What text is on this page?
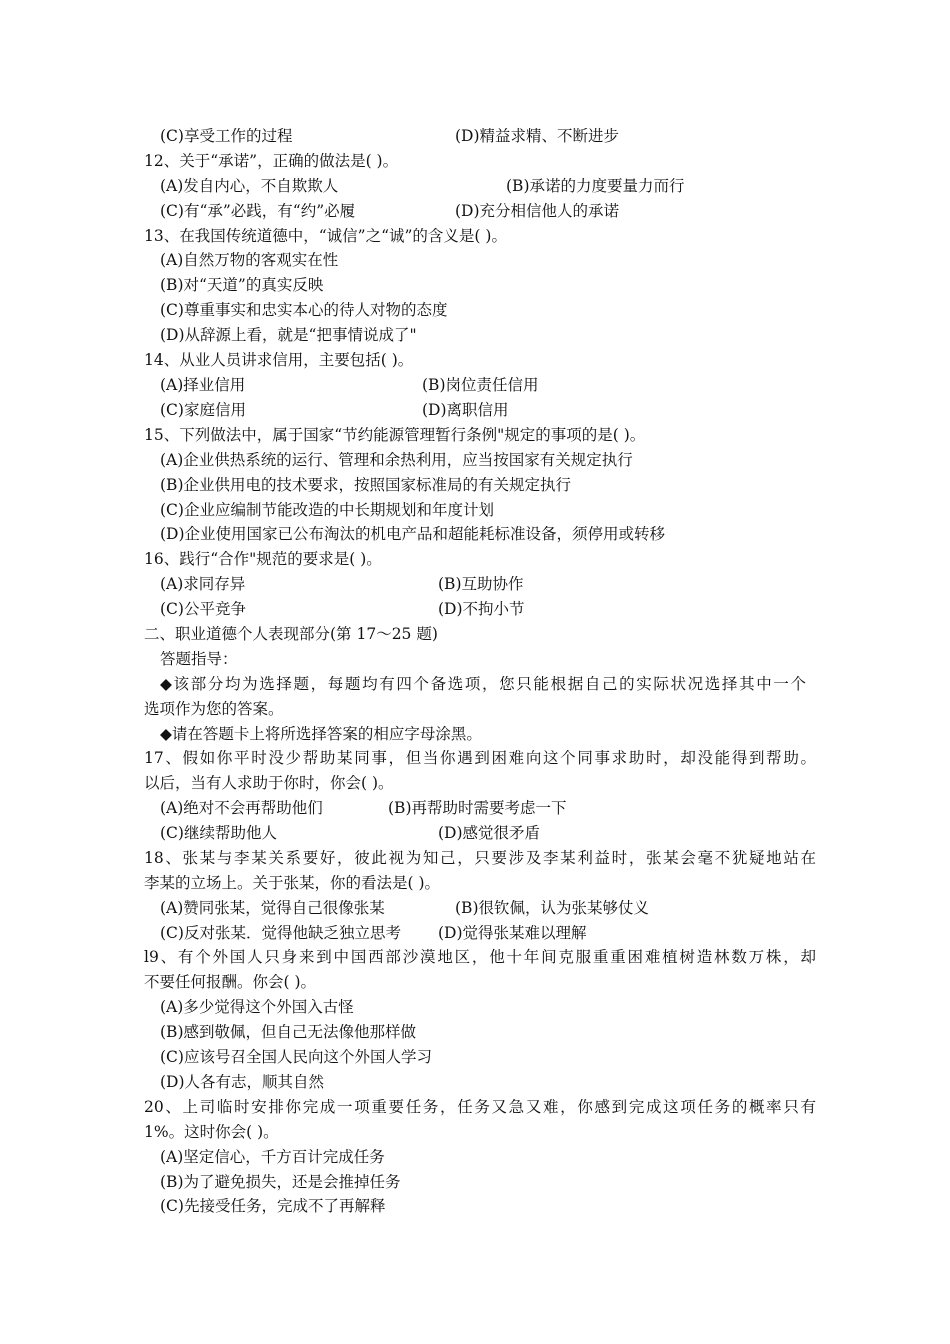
(C)享受工作的过程	(D)精益求精、不断进步
12、关于“承诺”，正确的做法是( )。
(A)发自内心，不自欺欺人	(B)承诺的力度要量力而行
(C)有“承”必践，有“约”必履	(D)充分相信他人的承诺
13、在我国传统道德中，“诚信”之“诚”的含义是( )。
(A)自然万物的客观实在性
(B)对“天道”的真实反映
(C)尊重事实和忠实本心的待人对物的态度
(D)从辞源上看，就是“把事情说成了"
14、从业人员讲求信用，主要包括( )。
(A)择业信用	(B)岗位责任信用
(C)家庭信用	(D)离职信用
15、下列做法中，属于国家“节约能源管理暂行条例"规定的事项的是( )。
(A)企业供热系统的运行、管理和余热利用，应当按国家有关规定执行
(B)企业供用电的技术要求，按照国家标准局的有关规定执行
(C)企业应编制节能改造的中长期规划和年度计划
(D)企业使用国家已公布淘汰的机电产品和超能耗标准设备，须停用或转移
16、践行“合作"规范的要求是( )。
(A)求同存异	(B)互助协作
(C)公平竞争	(D)不拘小节
二、职业道德个人表现部分(第 17～25 题)
答题指导：
◆该部分均为选择题，每题均有四个备选项，您只能根据自己的实际状况选择其中一个
选项作为您的答案。
◆请在答题卡上将所选择答案的相应字母涂黑。
17、假如你平时没少帮助某同事，但当你遇到困难向这个同事求助时，却没能得到帮助。
以后，当有人求助于你时，你会( )。
(A)绝对不会再帮助他们	(B)再帮助时需要考虑一下
(C)继续帮助他人	(D)感觉很矛盾
18、张某与李某关系要好，彼此视为知己，只要涉及李某利益时，张某会毫不犹疑地站在
李某的立场上。关于张某，你的看法是( )。
(A)赞同张某，觉得自己很像张某	(B)很钦佩，认为张某够仗义
(C)反对张某．觉得他缺乏独立思考 (D)觉得张某难以理解
l9、有个外国人只身来到中国西部沙漠地区，他十年间克服重重困难植树造林数万株，却
不要任何报酬。你会( )。
(A)多少觉得这个外国入古怪
(B)感到敬佩，但自己无法像他那样做
(C)应该号召全国人民向这个外国人学习
(D)人各有志，顺其自然
20、上司临时安排你完成一项重要任务，任务又急又难，你感到完成这项任务的概率只有
1%。这时你会( )。
(A)坚定信心，千方百计完成任务
(B)为了避免损失，还是会推掉任务
(C)先接受任务，完成不了再解释
